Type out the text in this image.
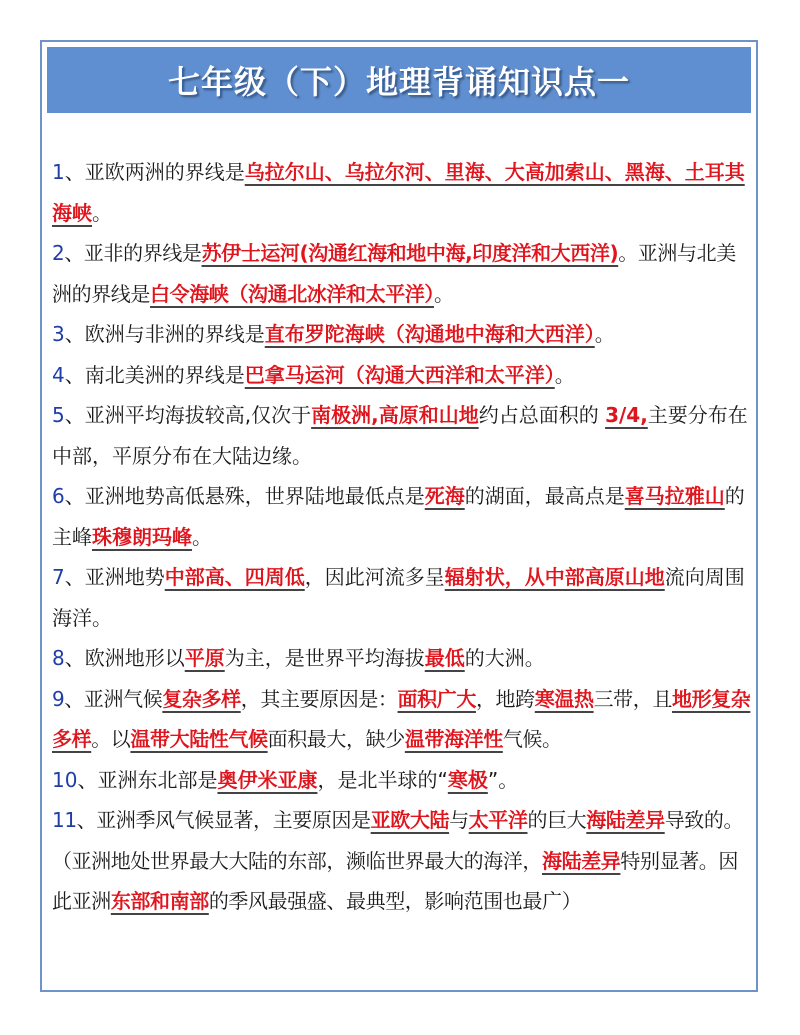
七年级（下）地理背诵知识点一

1、亚欧两洲的界线是乌拉尔山、乌拉尔河、里海、大高加索山、黑海、土耳其海峡。

2、亚非的界线是苏伊士运河(沟通红海和地中海,印度洋和大西洋)。亚洲与北美洲的界线是白令海峡（沟通北冰洋和太平洋）。

3、欧洲与非洲的界线是直布罗陀海峡（沟通地中海和大西洋）。

4、南北美洲的界线是巴拿马运河（沟通大西洋和太平洋）。

5、亚洲平均海拔较高,仅次于南极洲,高原和山地约占总面积的 3/4,主要分布在中部，平原分布在大陆边缘。

6、亚洲地势高低悬殊，世界陆地最低点是死海的湖面，最高点是喜马拉雅山的主峰珠穆朗玛峰。

7、亚洲地势中部高、四周低，因此河流多呈辐射状，从中部高原山地流向周围海洋。

8、欧洲地形以平原为主，是世界平均海拔最低的大洲。

9、亚洲气候复杂多样，其主要原因是：面积广大，地跨寒温热三带，且地形复杂多样。以温带大陆性气候面积最大，缺少温带海洋性气候。

10、亚洲东北部是奥伊米亚康，是北半球的“寒极”。

11、亚洲季风气候显著，主要原因是亚欧大陆与太平洋的巨大海陆差异导致的。（亚洲地处世界最大大陆的东部，濒临世界最大的海洋，海陆差异特别显著。因此亚洲东部和南部的季风最强盛、最典型，影响范围也最广）
